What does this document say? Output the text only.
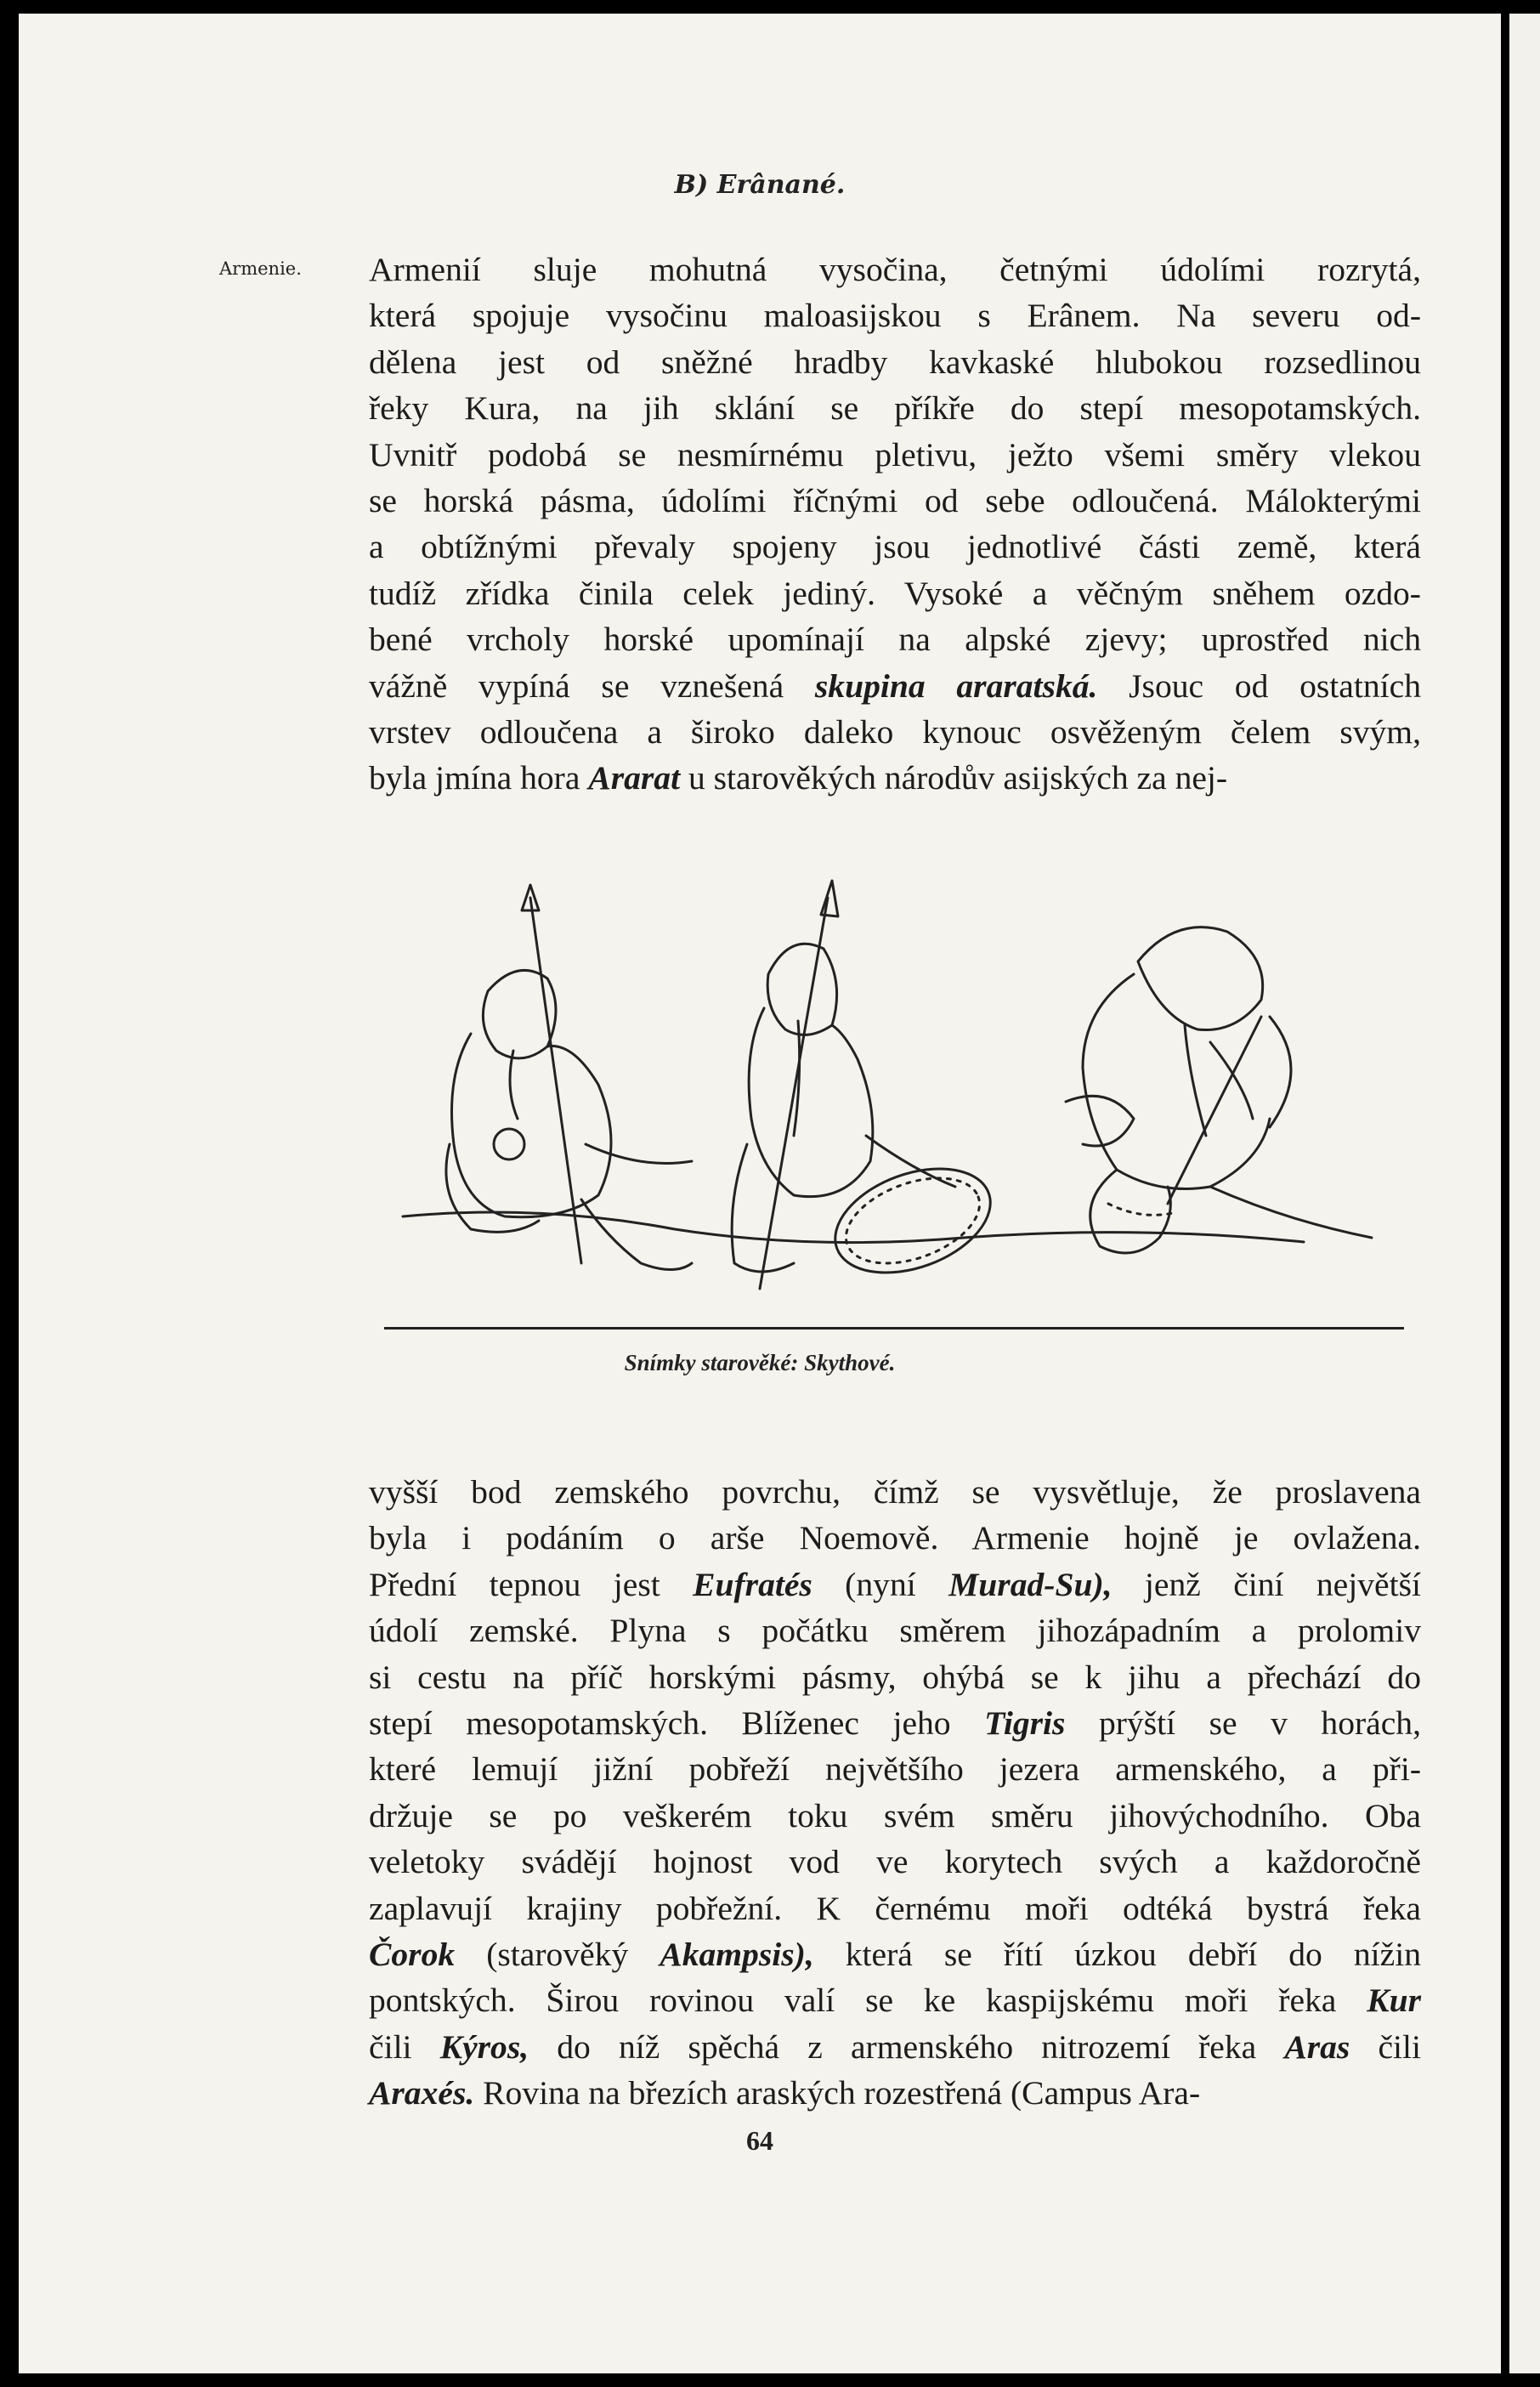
B) Erânané.
Armenie. Armenií sluje mohutná vysočina, četnými údolími rozrytá,
která spojuje vysočinu maloasijskou s Erânem. Na severu od-
dělena jest od sněžné hradby kavkaské hlubokou rozsedlinou
řeky Kura, na jih sklání se příkře do stepí mesopotamských.
Uvnitř podobá se nesmírnému pletivu, ježto všemi směry vlekou
se horská pásma, údolími říčnými od sebe odloučená. Málokterými
a obtížnými převaly spojeny jsou jednotlivé části země, která
tudíž zřídka činila celek jediný. Vysoké a věčným sněhem ozdo-
bené vrcholy horské upomínají na alpské zjevy; uprostřed nich
vážně vypíná se vznešená skupina araratská. Jsouc od ostatních
vrstev odloučena a široko daleko kynouc osvěženým čelem svým,
byla jmína hora Ararat u starověkých národův asijských za nej-
Snímky starověké: Skythové.
vyšší bod zemského povrchu, čímž se vysvětluje, že proslavena
byla i podáním o arše Noemově. Armenie hojně je ovlažena.
Přední tepnou jest Eufratés (nyní Murad-Su), jenž činí největší
údolí zemské. Plyna s počátku směrem jihozápadním a prolomiv
si cestu na příč horskými pásmy, ohýbá se k jihu a přechází do
stepí mesopotamských. Blíženec jeho Tigris prýští se v horách,
které lemují jižní pobřeží největšího jezera armenského, a při-
držuje se po veškerém toku svém směru jihovýchodního. Oba
veletoky svádějí hojnost vod ve korytech svých a každoročně
zaplavují krajiny pobřežní. K černému moři odtéká bystrá řeka
Čorok (starověký Akampsis), která se řítí úzkou debří do nížin
pontských. Širou rovinou valí se ke kaspijskému moři řeka Kur
čili Kýros, do níž spěchá z armenského nitrozemí řeka Aras čili
Araxés. Rovina na březích araských rozestřená (Campus Ara-
64
